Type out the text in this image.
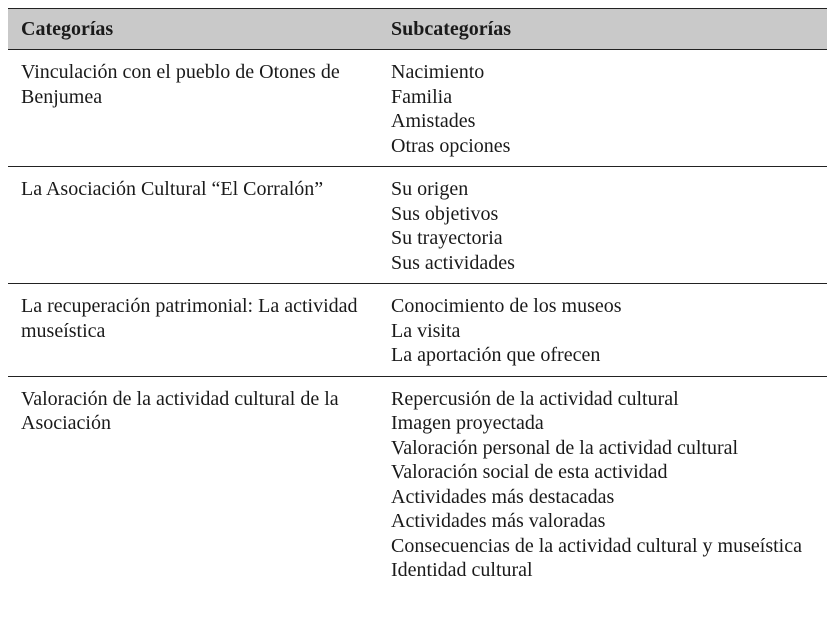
Categorías	Subcategorías
Vinculación con el pueblo de Otones de Benjumea
Nacimiento
Familia
Amistades
Otras opciones
La Asociación Cultural “El Corralón”	Su origen
Sus objetivos
Su trayectoria
Sus actividades
La recuperación patrimonial: La actividad museística
Conocimiento de los museos
La visita
La aportación que ofrecen
Valoración de la actividad cultural de la Asociación
Repercusión de la actividad cultural
Imagen proyectada
Valoración personal de la actividad cultural
Valoración social de esta actividad
Actividades más destacadas
Actividades más valoradas
Consecuencias de la actividad cultural y museística
Identidad cultural
